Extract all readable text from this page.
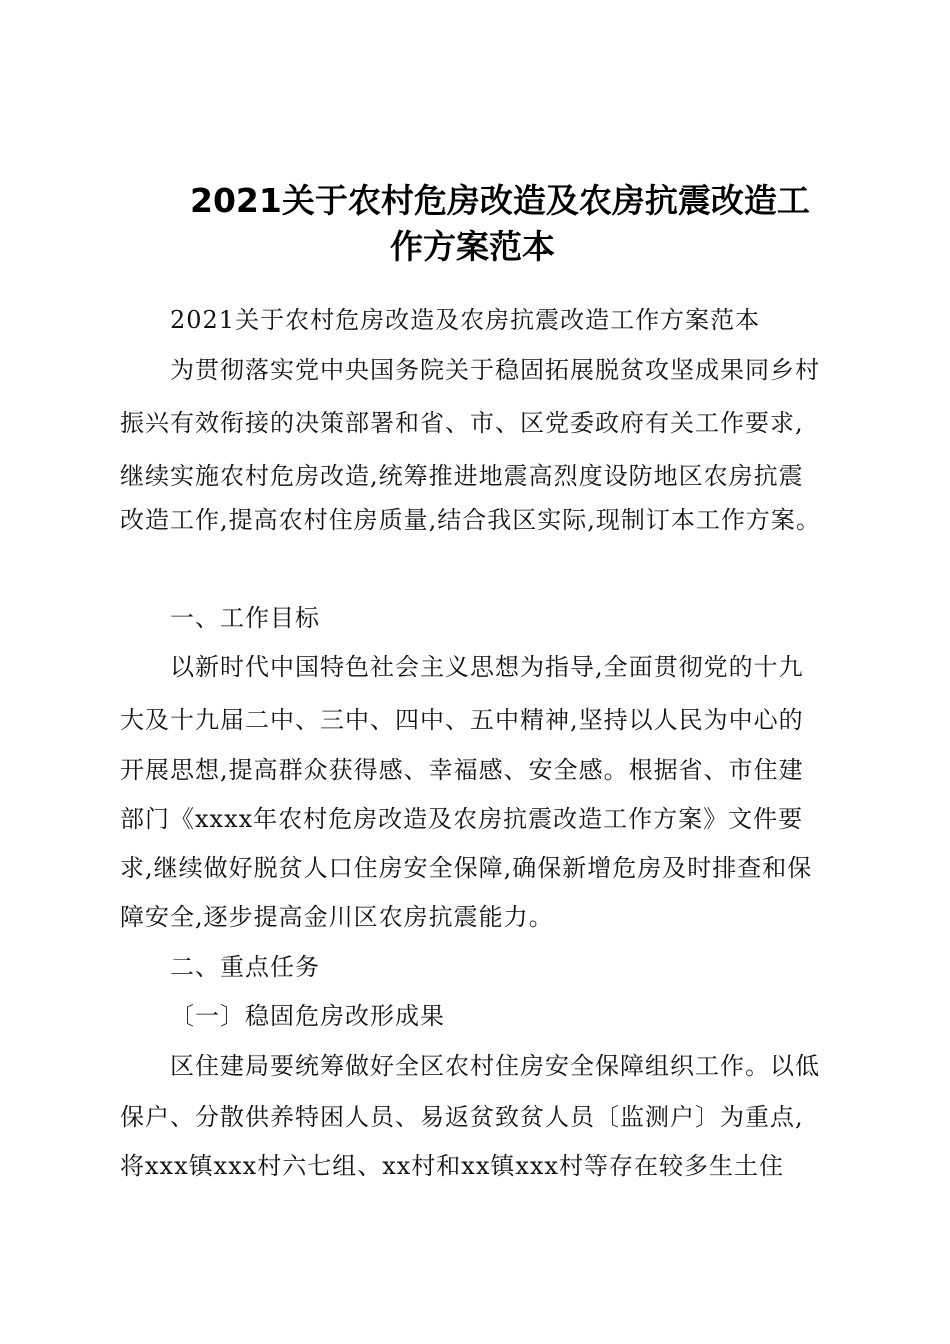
2021关于农村危房改造及农房抗震改造工
作方案范本
2021关于农村危房改造及农房抗震改造工作方案范本
为贯彻落实党中央国务院关于稳固拓展脱贫攻坚成果同乡村
振兴有效衔接的决策部署和省、市、区党委政府有关工作要求,
继续实施农村危房改造,统筹推进地震高烈度设防地区农房抗震
改造工作,提高农村住房质量,结合我区实际,现制订本工作方案。
一、工作目标
以新时代中国特色社会主义思想为指导,全面贯彻党的十九
大及十九届二中、三中、四中、五中精神,坚持以人民为中心的
开展思想,提高群众获得感、幸福感、安全感。根据省、市住建
部门《xxxx年农村危房改造及农房抗震改造工作方案》文件要
求,继续做好脱贫人口住房安全保障,确保新增危房及时排查和保
障安全,逐步提高金川区农房抗震能力。
二、重点任务
〔一〕稳固危房改形成果
区住建局要统筹做好全区农村住房安全保障组织工作。以低
保户、分散供养特困人员、易返贫致贫人员〔监测户〕为重点,
将xxx镇xxx村六七组、xx村和xx镇xxx村等存在较多生土住
